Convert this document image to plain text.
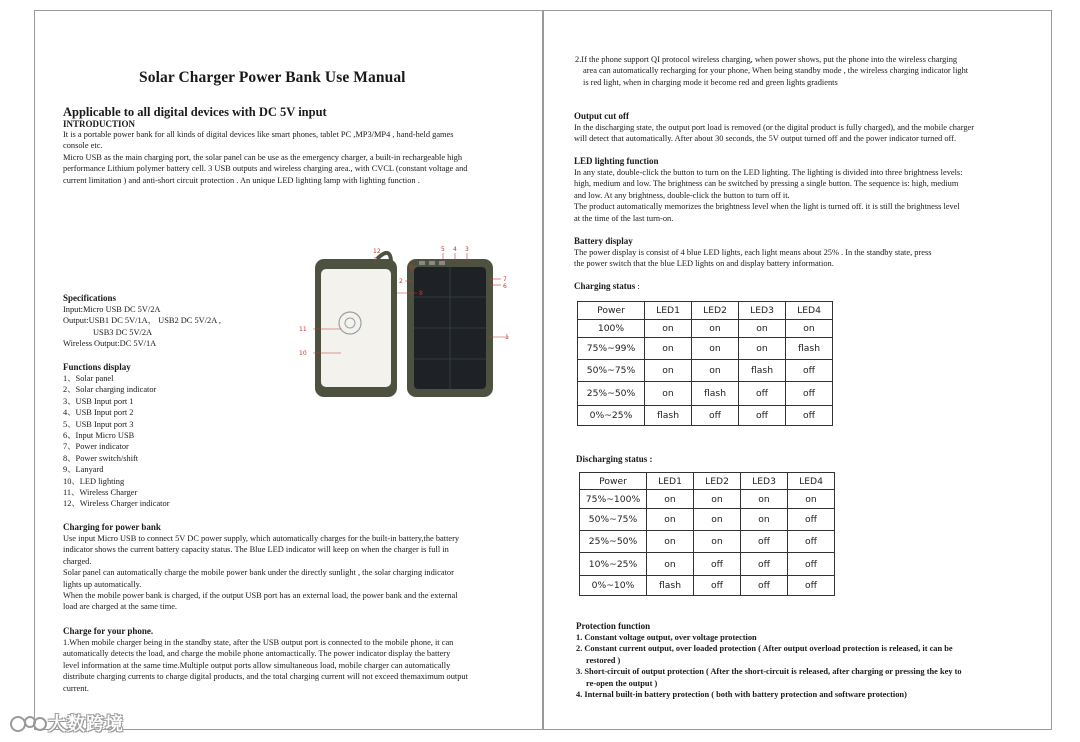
Solar Charger Power Bank Use Manual
Applicable to all digital devices with DC 5V input
INTRODUCTION

It is a portable power bank for all kinds of digital devices like smart phones, tablet PC ,MP3/MP4 , hand-held games

console etc.

Micro USB as the main charging port, the solar panel can be use as the emergency charger, a built-in rechargeable high

performance Lithium polymer battery cell. 3 USB outputs and wireless charging area., with CVCL (constant voltage and

current limitation ) and anti-short circuit protection . An unique LED lighting lamp with lighting function .

12
9
5 4 3
2	7
6
8
11
1
10
Specifications

Input:Micro USB DC 5V/2A

Output:USB1 DC 5V/1A， USB2 DC 5V/2A ,

USB3 DC 5V/2A

Wireless Output:DC 5V/1A

Functions display
1、Solar panel
2、Solar charging indicator
3、USB Input port 1
4、USB Input port 2
5、USB Input port 3
6、Input Micro USB
7、Power indicator
8、Power switch/shift
9、Lanyard
10、LED lighting
11、Wireless Charger
12、Wireless Charger indicator
Charging for power bank

Use input Micro USB to connect 5V DC power supply, which automatically charges for the built-in battery,the battery

indicator shows the current battery capacity status. The Blue LED indicator will keep on when the charger is full in

charged.

Solar panel can automatically charge the mobile power bank under the directly sunlight , the solar charging indicator

lights up automatically.

When the mobile power bank is charged, if the output USB port has an external load, the power bank and the external

load are charged at the same time.

Charge for your phone.

1.When mobile charger being in the standby state, after the USB output port is connected to the mobile phone, it can

automatically detects the load, and charge the mobile phone antomactically. The power indicator display the battery

level information at the same time.Multiple output ports allow simultaneous load, mobile charger can automatically

distribute charging currents to charge digital products, and the total charging current will not exceed themaximum output

current.

2.If the phone support QI protocol wireless charging, when power shows, put the phone into the wireless charging

area can automatically recharging for your phone, When being standby mode , the wireless charging indicator light

is red light, when in charging mode it become red and green lights gradients

Output cut off

In the discharging state, the output port load is removed (or the digital product is fully charged), and the mobile charger

will detect that automatically. After about 30 seconds, the 5V output turned off and the power indicator turned off.

LED lighting function

In any state, double-click the button to turn on the LED lighting. The lighting is divided into three brightness levels:

high, medium and low. The brightness can be switched by pressing a single button. The sequence is: high, medium

and low. At any brightness, double-click the button to turn off it.

The product automatically memorizes the brightness level when the light is turned off. it is still the brightness level

at the time of the last turn-on.

Battery display

The power display is consist of 4 blue LED lights, each light means about 25% . In the standby state, press

the power switch that the blue LED lights on and display battery information.

Charging status :
Power	LED1	LED2	LED3	LED4
100%	on	on	on	on
75%~99%	on	on	on	flash
50%~75%	on	on	flash	off
25%~50%	on	flash	off	off
0%~25%	flash	off	off	off
Discharging status :
Power	LED1	LED2	LED3	LED4
75%~100%	on	on	on	on
50%~75%	on	on	on	off
25%~50%	on	on	off	off
10%~25%	on	off	off	off
0%~10%	flash	off	off	off
Protection function
1. Constant voltage output, over voltage protection
2. Constant current output, over loaded protection ( After output overload protection is released, it can be
restored )
3. Short-circuit of output protection ( After the short-circuit is released, after charging or pressing the key to
re-open the output )
4. Internal built-in battery protection ( both with battery protection and software protection)
大数跨境
